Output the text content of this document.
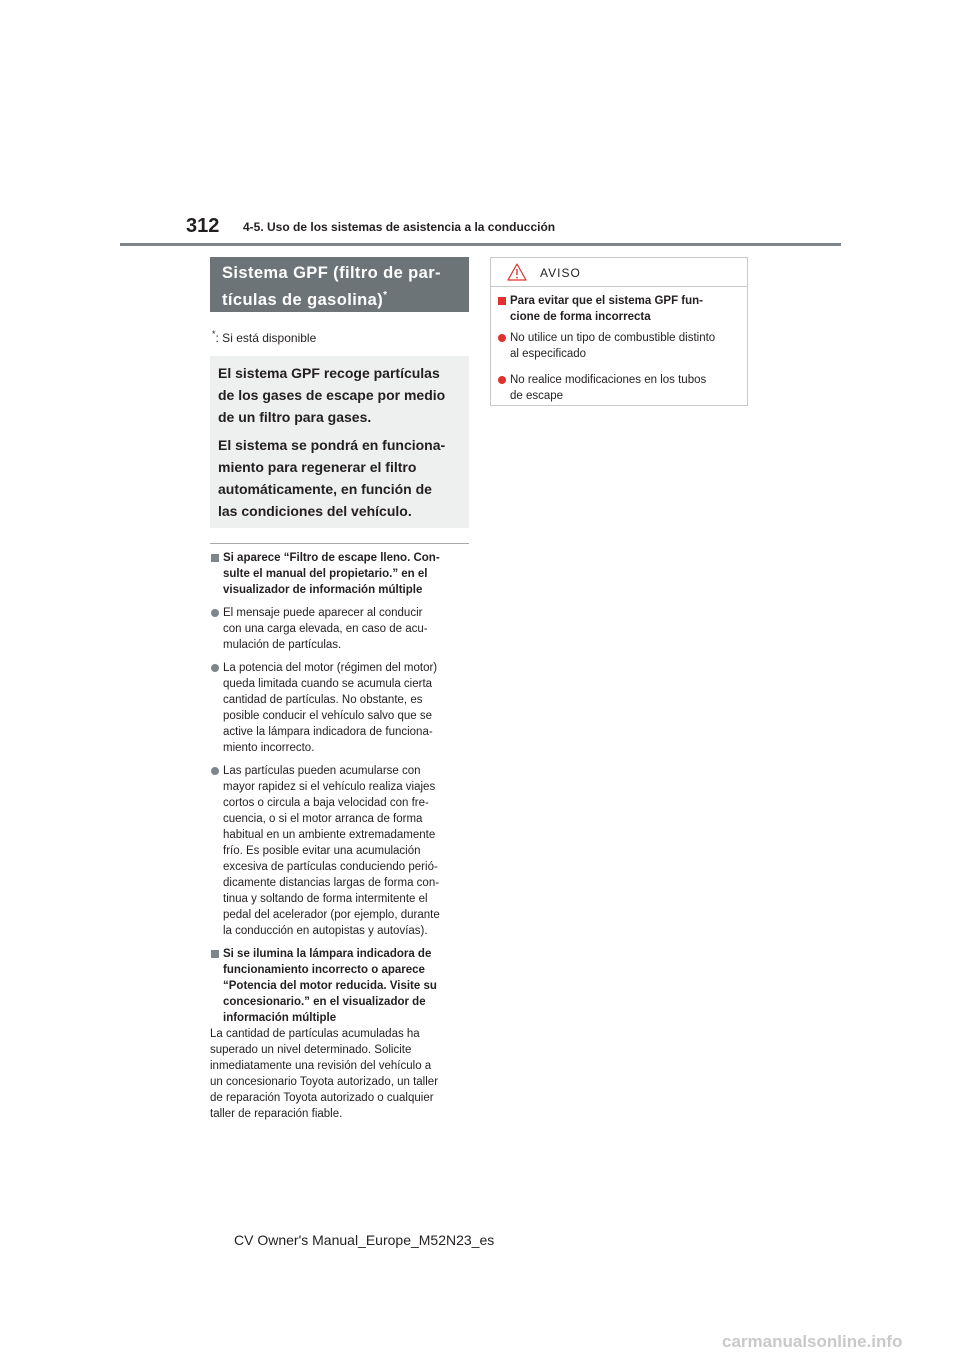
312 4-5. Uso de los sistemas de asistencia a la conducción
Sistema GPF (filtro de par-
tículas de gasolina)*
*: Si está disponible

El sistema GPF recoge partículas
de los gases de escape por medio
de un filtro para gases.

El sistema se pondrá en funciona-
miento para regenerar el filtro
automáticamente, en función de
las condiciones del vehículo.

Si aparece “Filtro de escape lleno. Con-
sulte el manual del propietario.” en el
visualizador de información múltiple
El mensaje puede aparecer al conducir
con una carga elevada, en caso de acu-
mulación de partículas.
La potencia del motor (régimen del motor)
queda limitada cuando se acumula cierta
cantidad de partículas. No obstante, es
posible conducir el vehículo salvo que se
active la lámpara indicadora de funciona-
miento incorrecto.
Las partículas pueden acumularse con
mayor rapidez si el vehículo realiza viajes
cortos o circula a baja velocidad con fre-
cuencia, o si el motor arranca de forma
habitual en un ambiente extremadamente
frío. Es posible evitar una acumulación
excesiva de partículas conduciendo perió-
dicamente distancias largas de forma con-
tinua y soltando de forma intermitente el
pedal del acelerador (por ejemplo, durante
la conducción en autopistas y autovías).
Si se ilumina la lámpara indicadora de
funcionamiento incorrecto o aparece
“Potencia del motor reducida. Visite su
concesionario.” en el visualizador de
información múltiple
La cantidad de partículas acumuladas ha
superado un nivel determinado. Solicite
inmediatamente una revisión del vehículo a
un concesionario Toyota autorizado, un taller
de reparación Toyota autorizado o cualquier
taller de reparación fiable.
AVISO
Para evitar que el sistema GPF fun-
cione de forma incorrecta
No utilice un tipo de combustible distinto
al especificado
No realice modificaciones en los tubos
de escape
CV Owner's Manual_Europe_M52N23_es
carmanualsonline.info
